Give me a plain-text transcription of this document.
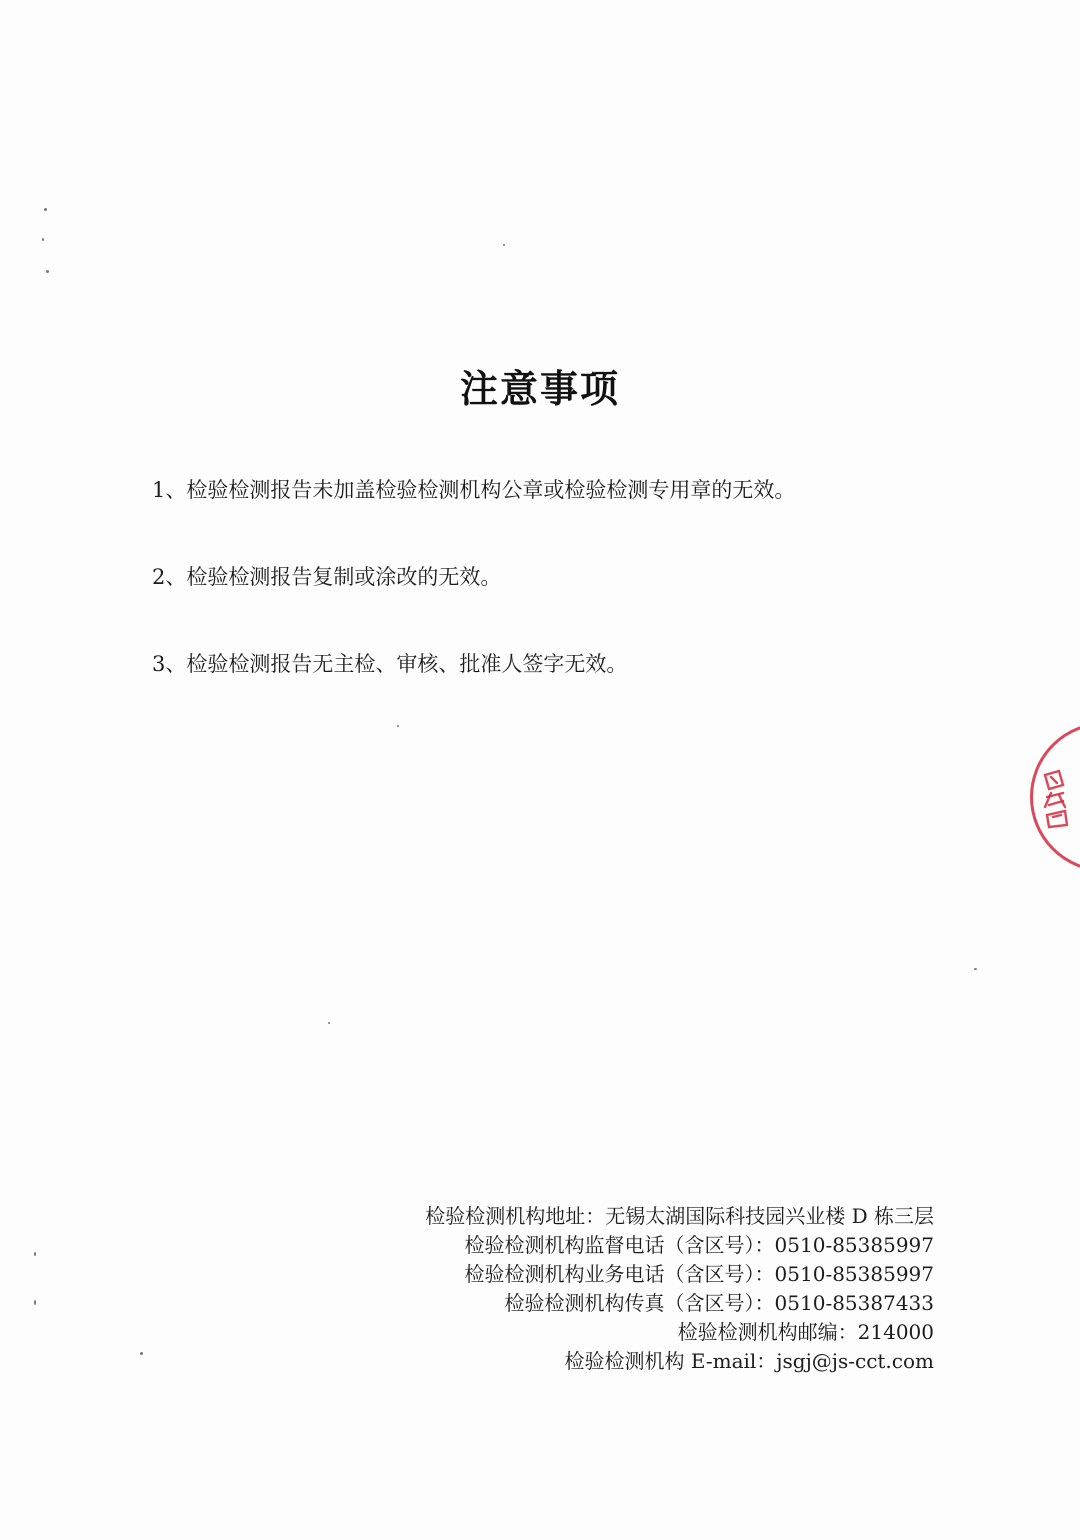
注意事项
1、检验检测报告未加盖检验检测机构公章或检验检测专用章的无效。
2、检验检测报告复制或涂改的无效。
3、检验检测报告无主检、审核、批准人签字无效。
检验检测机构地址：无锡太湖国际科技园兴业楼 D 栋三层
检验检测机构监督电话（含区号）：0510-85385997
检验检测机构业务电话（含区号）：0510-85385997
检验检测机构传真（含区号）：0510-85387433
检验检测机构邮编：214000
检验检测机构 E-mail：jsgj@js-cct.com
